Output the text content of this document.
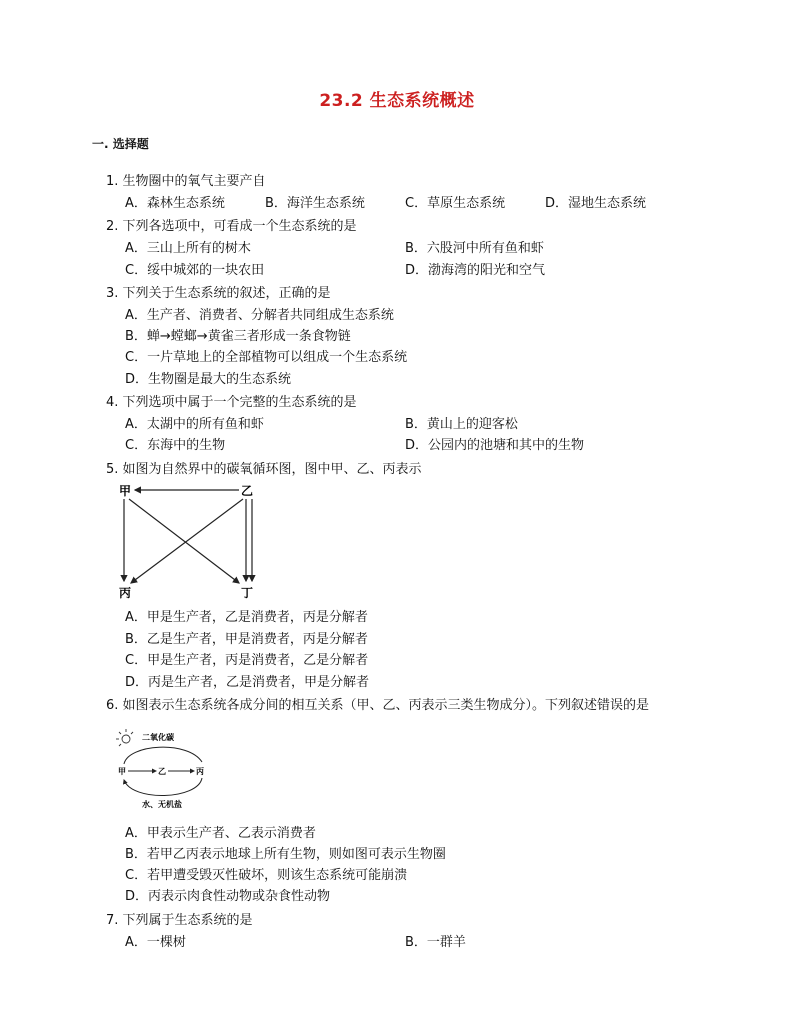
23.2 生态系统概述
一. 选择题
1. 生物圈中的氧气主要产自
A．森林生态系统	B．海洋生态系统	C．草原生态系统	D．湿地生态系统
2. 下列各选项中，可看成一个生态系统的是
A．三山上所有的树木	B．六股河中所有鱼和虾
C．绥中城郊的一块农田	D．渤海湾的阳光和空气
3. 下列关于生态系统的叙述，正确的是
A．生产者、消费者、分解者共同组成生态系统
B．蝉→螳螂→黄雀三者形成一条食物链
C．一片草地上的全部植物可以组成一个生态系统
D．生物圈是最大的生态系统
4. 下列选项中属于一个完整的生态系统的是
A．太湖中的所有鱼和虾	B．黄山上的迎客松
C．东海中的生物	D．公园内的池塘和其中的生物
5. 如图为自然界中的碳氧循环图，图中甲、乙、丙表示
甲	乙
丙	丁
A．甲是生产者，乙是消费者，丙是分解者
B．乙是生产者，甲是消费者，丙是分解者
C．甲是生产者，丙是消费者，乙是分解者
D．丙是生产者，乙是消费者，甲是分解者
6. 如图表示生态系统各成分间的相互关系（甲、乙、丙表示三类生物成分）。下列叙述错误的是
二氧化碳
甲	乙	丙
水、无机盐
A．甲表示生产者、乙表示消费者
B．若甲乙丙表示地球上所有生物，则如图可表示生物圈
C．若甲遭受毁灭性破坏，则该生态系统可能崩溃
D．丙表示肉食性动物或杂食性动物
7. 下列属于生态系统的是
A．一棵树	B．一群羊
